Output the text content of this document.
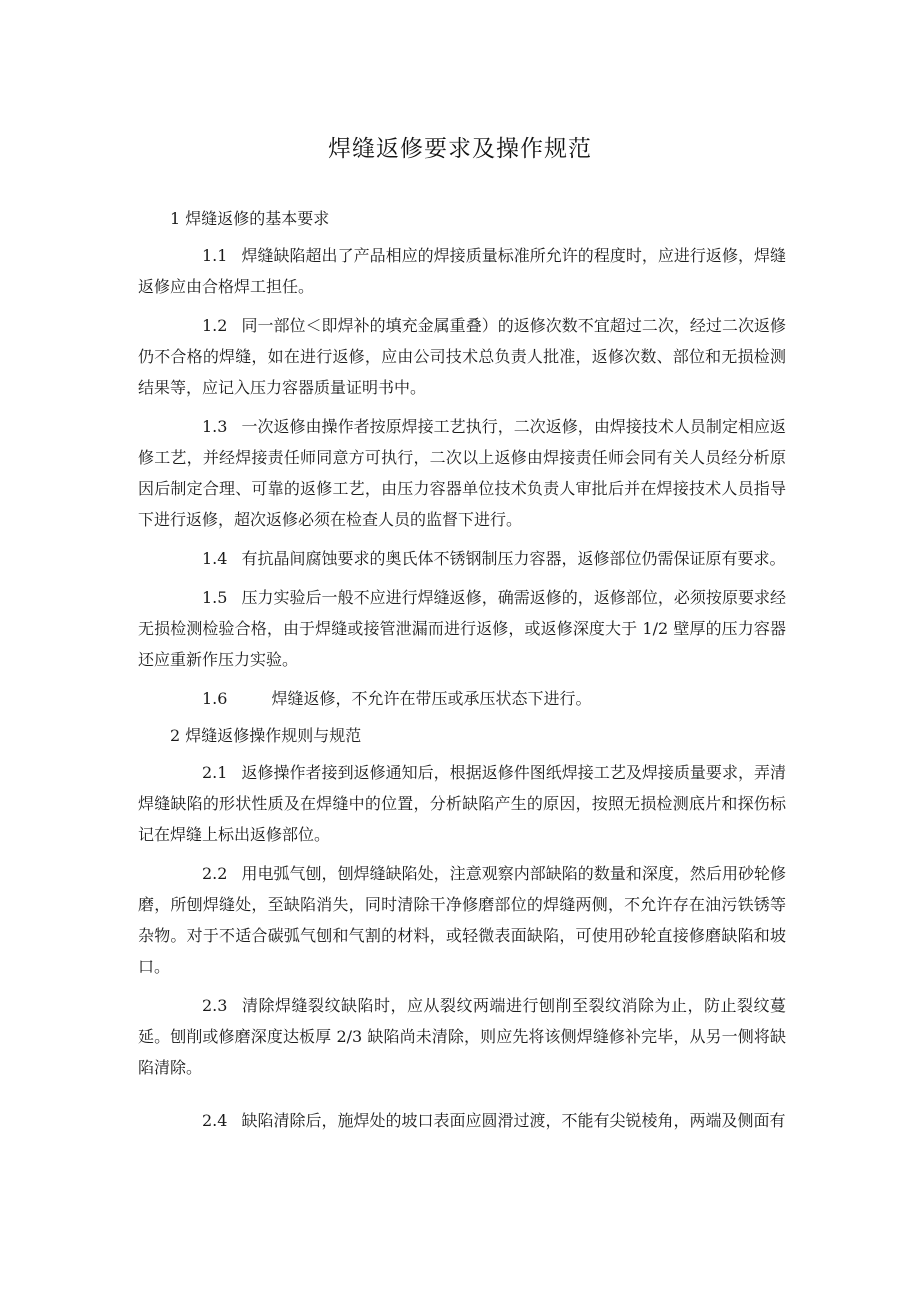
焊缝返修要求及操作规范

1 焊缝返修的基本要求

1.1 焊缝缺陷超出了产品相应的焊接质量标准所允许的程度时，应进行返修，焊缝返修应由合格焊工担任。

1.2 同一部位＜即焊补的填充金属重叠）的返修次数不宜超过二次，经过二次返修仍不合格的焊缝，如在进行返修，应由公司技术总负责人批准，返修次数、部位和无损检测结果等，应记入压力容器质量证明书中。

1.3 一次返修由操作者按原焊接工艺执行，二次返修，由焊接技术人员制定相应返修工艺，并经焊接责任师同意方可执行，二次以上返修由焊接责任师会同有关人员经分析原因后制定合理、可靠的返修工艺，由压力容器单位技术负责人审批后并在焊接技术人员指导下进行返修，超次返修必须在检查人员的监督下进行。

1.4 有抗晶间腐蚀要求的奥氏体不锈钢制压力容器，返修部位仍需保证原有要求。

1.5 压力实验后一般不应进行焊缝返修，确需返修的，返修部位，必须按原要求经无损检测检验合格，由于焊缝或接管泄漏而进行返修，或返修深度大于 1/2 壁厚的压力容器还应重新作压力实验。

1.6	焊缝返修，不允许在带压或承压状态下进行。

2 焊缝返修操作规则与规范

2.1 返修操作者接到返修通知后，根据返修件图纸焊接工艺及焊接质量要求，弄清焊缝缺陷的形状性质及在焊缝中的位置，分析缺陷产生的原因，按照无损检测底片和探伤标记在焊缝上标出返修部位。

2.2 用电弧气刨，刨焊缝缺陷处，注意观察内部缺陷的数量和深度，然后用砂轮修磨，所刨焊缝处，至缺陷消失，同时清除干净修磨部位的焊缝两侧，不允许存在油污铁锈等杂物。对于不适合碳弧气刨和气割的材料，或轻微表面缺陷，可使用砂轮直接修磨缺陷和坡口。

2.3 清除焊缝裂纹缺陷时，应从裂纹两端进行刨削至裂纹消除为止，防止裂纹蔓延。刨削或修磨深度达板厚 2/3 缺陷尚未清除，则应先将该侧焊缝修补完毕，从另一侧将缺陷清除。

2.4 缺陷清除后，施焊处的坡口表面应圆滑过渡，不能有尖锐棱角，两端及侧面有
